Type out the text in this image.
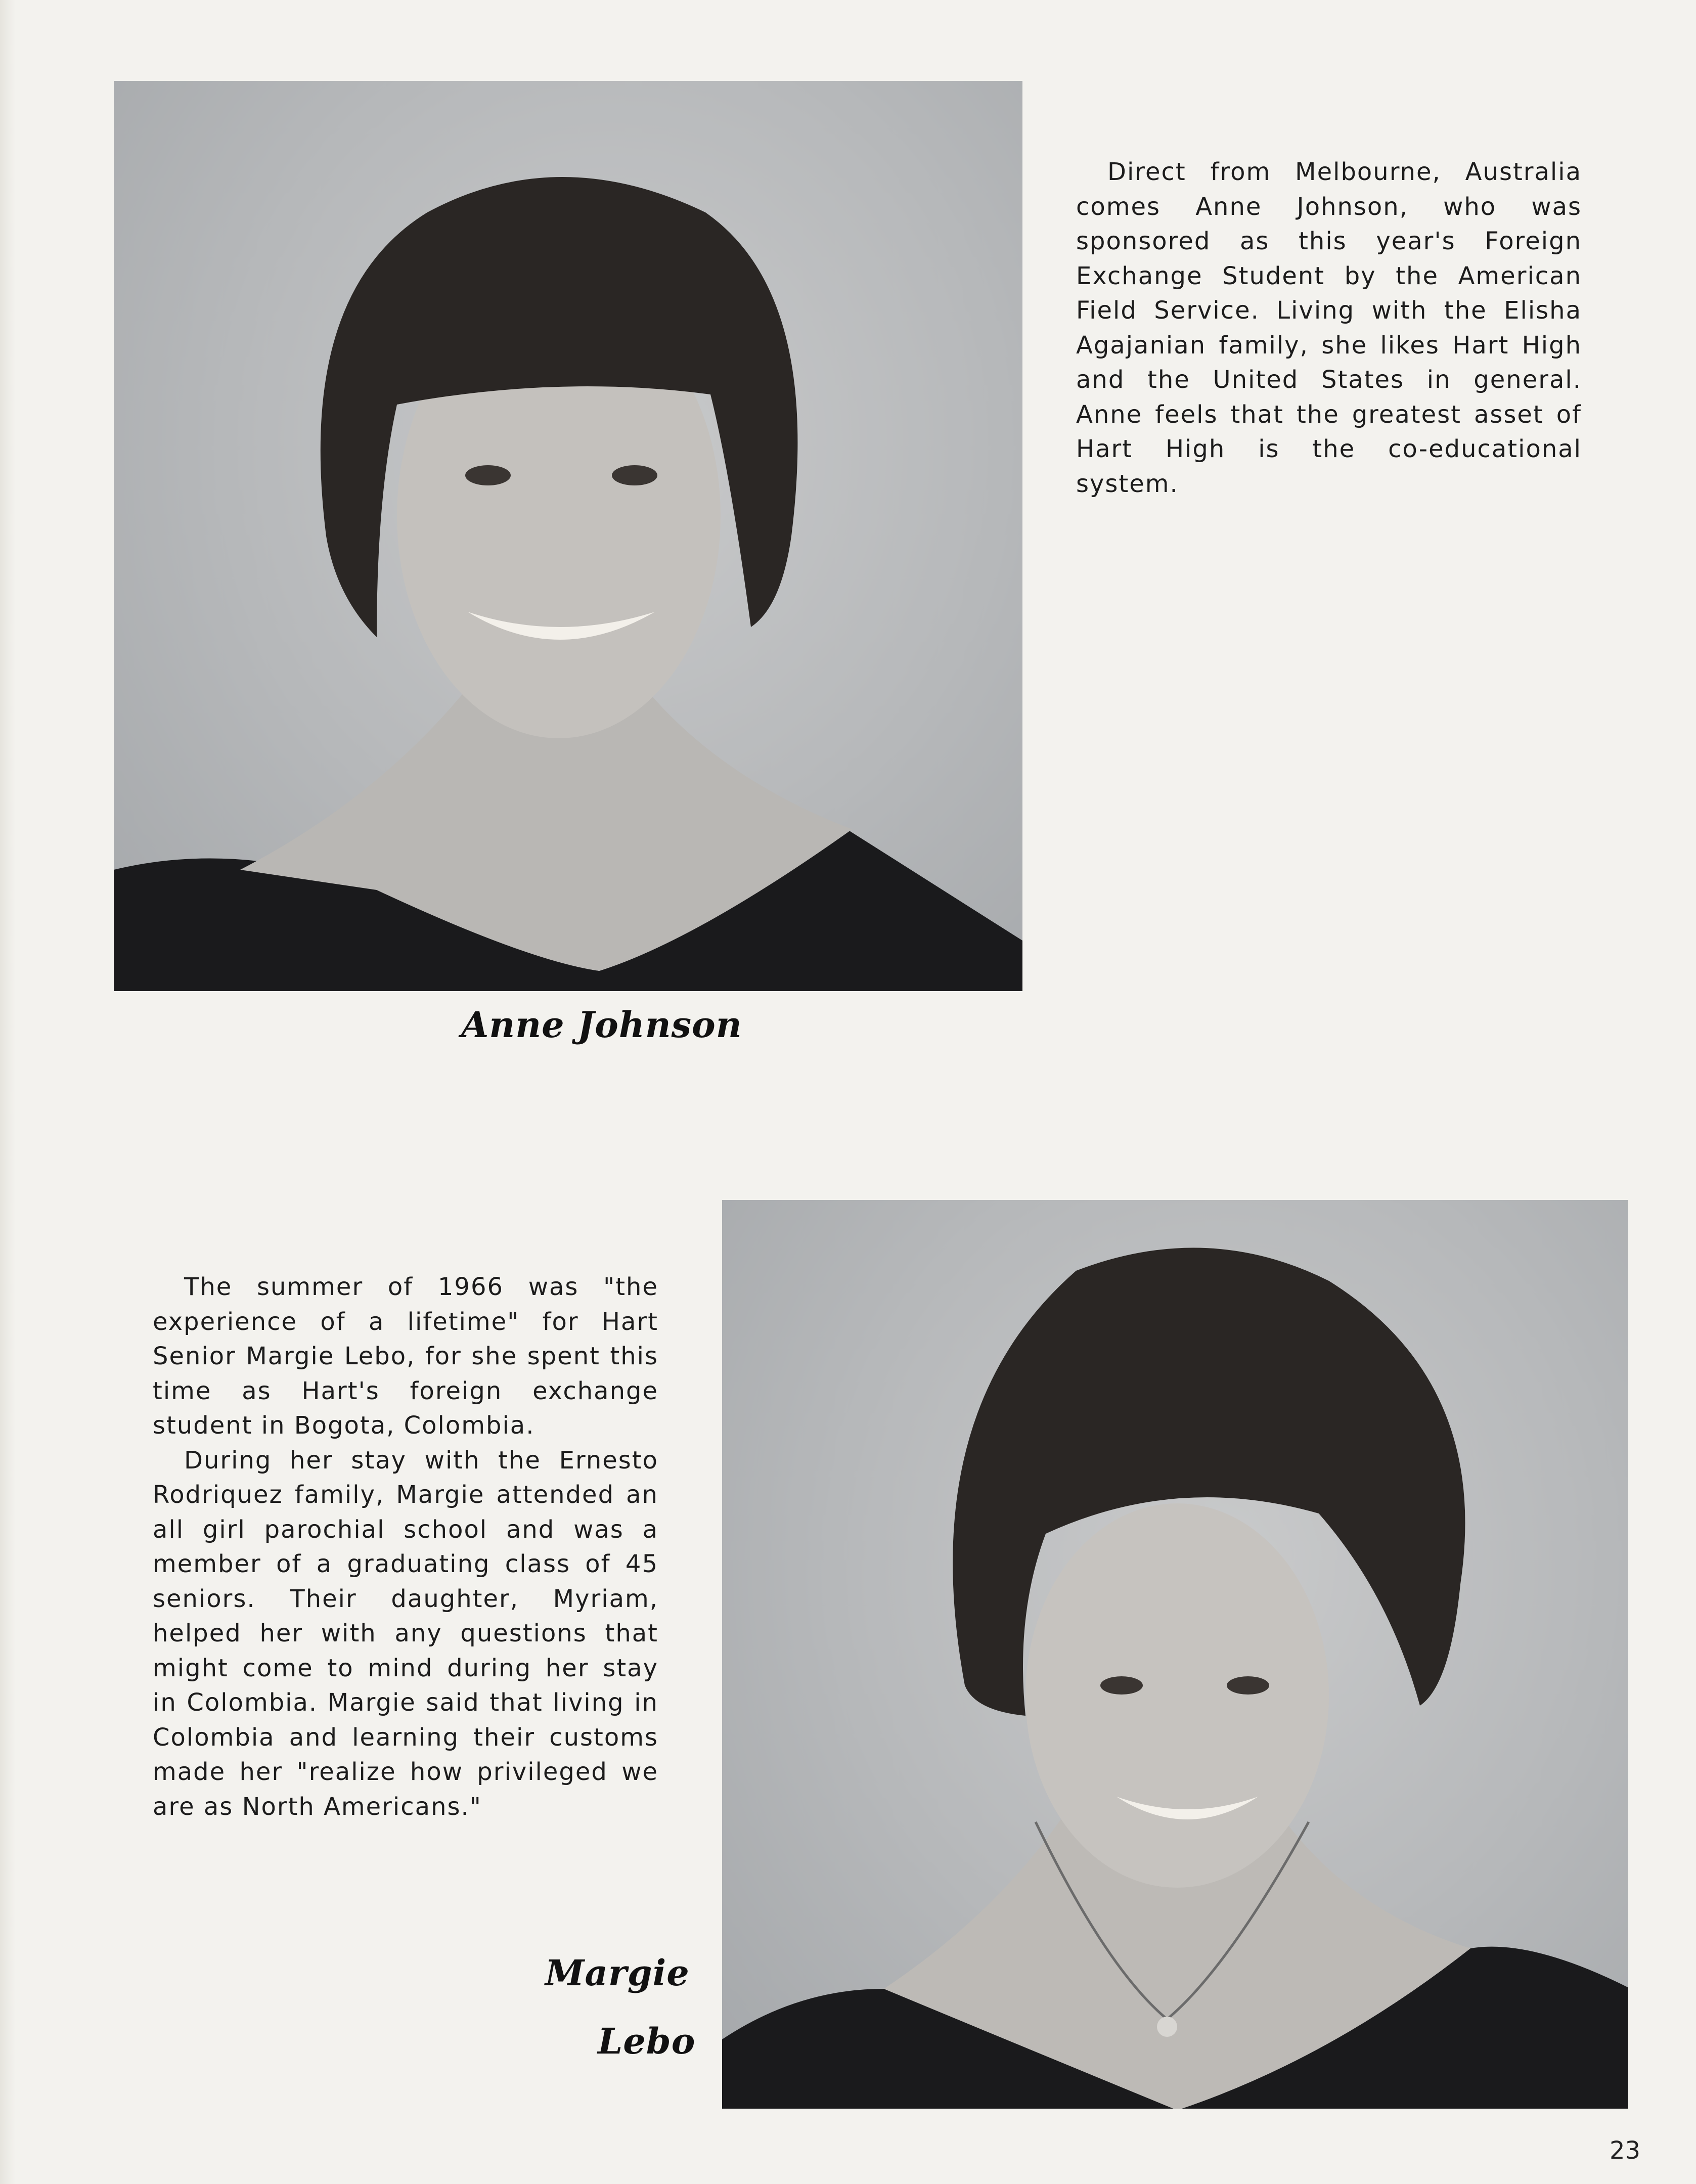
Direct from Melbourne, Australia comes Anne Johnson, who was sponsored as this year's Foreign Exchange Student by the American Field Service. Living with the Elisha Agajanian family, she likes Hart High and the United States in general. Anne feels that the greatest asset of Hart High is the co-educational system.

Anne Johnson

The summer of 1966 was "the experience of a lifetime" for Hart Senior Margie Lebo, for she spent this time as Hart's foreign exchange student in Bogota, Colombia.

During her stay with the Ernesto Rodriquez family, Margie attended an all girl parochial school and was a member of a graduating class of 45 seniors. Their daughter, Myriam, helped her with any questions that might come to mind during her stay in Colombia. Margie said that living in Colombia and learning their customs made her "realize how privileged we are as North Americans."

Margie
Lebo
23
